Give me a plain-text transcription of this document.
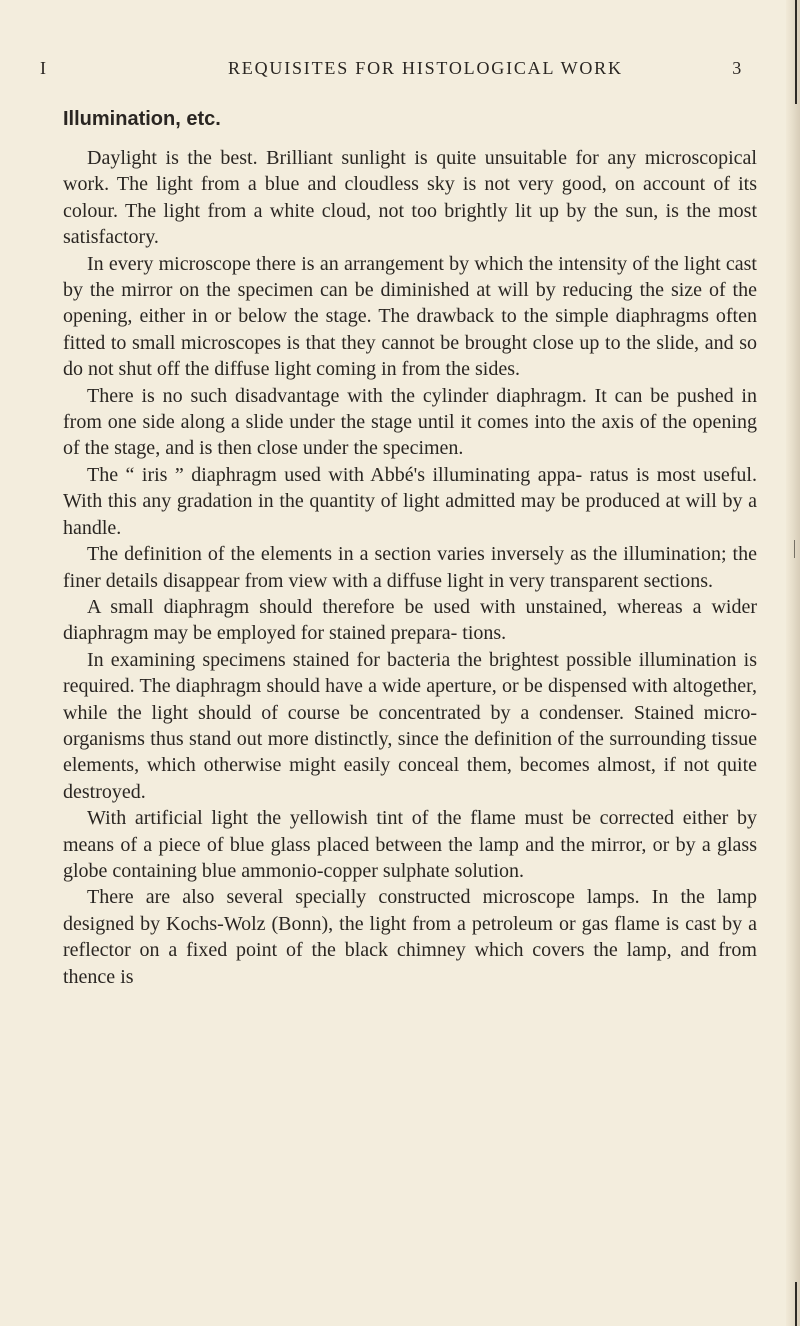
I	REQUISITES FOR HISTOLOGICAL WORK	3
Illumination, etc.

Daylight is the best. Brilliant sunlight is quite unsuitable for any microscopical work. The light from a blue and cloudless sky is not very good, on account of its colour. The light from a white cloud, not too brightly lit up by the sun, is the most satisfactory.

In every microscope there is an arrangement by which the intensity of the light cast by the mirror on the specimen can be diminished at will by reducing the size of the opening, either in or below the stage. The drawback to the simple diaphragms often fitted to small microscopes is that they cannot be brought close up to the slide, and so do not shut off the diffuse light coming in from the sides.

There is no such disadvantage with the cylinder diaphragm. It can be pushed in from one side along a slide under the stage until it comes into the axis of the opening of the stage, and is then close under the specimen.

The “ iris ” diaphragm used with Abbé's illuminating appa- ratus is most useful. With this any gradation in the quantity of light admitted may be produced at will by a handle.

The definition of the elements in a section varies inversely as the illumination; the finer details disappear from view with a diffuse light in very transparent sections.

A small diaphragm should therefore be used with unstained, whereas a wider diaphragm may be employed for stained prepara- tions.

In examining specimens stained for bacteria the brightest possible illumination is required. The diaphragm should have a wide aperture, or be dispensed with altogether, while the light should of course be concentrated by a condenser. Stained micro- organisms thus stand out more distinctly, since the definition of the surrounding tissue elements, which otherwise might easily conceal them, becomes almost, if not quite destroyed.

With artificial light the yellowish tint of the flame must be corrected either by means of a piece of blue glass placed between the lamp and the mirror, or by a glass globe containing blue ammonio-copper sulphate solution.

There are also several specially constructed microscope lamps. In the lamp designed by Kochs-Wolz (Bonn), the light from a petroleum or gas flame is cast by a reflector on a fixed point of the black chimney which covers the lamp, and from thence is
